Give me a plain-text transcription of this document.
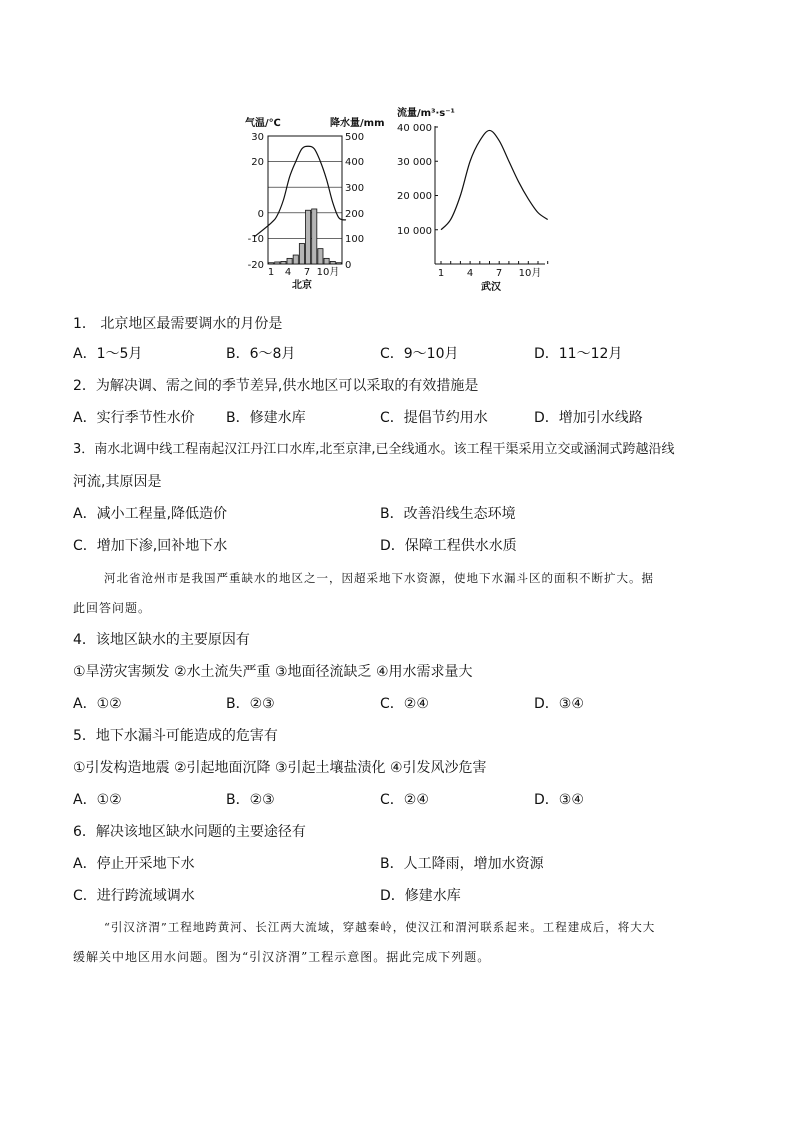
气温/℃	降水量/mm
30
20
0
-10
-20
500
400
300
200
100
0
1 4 7 10月
北京
流量/m³·s⁻¹
40 000
30 000
20 000
10 000
1 4 7 10月
武汉
1． 北京地区最需要调水的月份是
A．1～5月	B．6～8月	C．9～10月	D．11～12月
2．为解决调、需之间的季节差异,供水地区可以采取的有效措施是
A．实行季节性水价 B．修建水库	C．提倡节约用水	D．增加引水线路
3．南水北调中线工程南起汉江丹江口水库,北至京津,已全线通水。该工程干渠采用立交或涵洞式跨越沿线
河流,其原因是
A．减小工程量,降低造价	B．改善沿线生态环境
C．增加下渗,回补地下水	D．保障工程供水水质
河北省沧州市是我国严重缺水的地区之一，因超采地下水资源，使地下水漏斗区的面积不断扩大。据
此回答问题。
4．该地区缺水的主要原因有
①旱涝灾害频发 ②水土流失严重 ③地面径流缺乏 ④用水需求量大
A．①②	B．②③	C．②④	D．③④
5．地下水漏斗可能造成的危害有
①引发构造地震 ②引起地面沉降 ③引起土壤盐渍化 ④引发风沙危害
A．①②	B．②③	C．②④	D．③④
6．解决该地区缺水问题的主要途径有
A．停止开采地下水	B．人工降雨，增加水资源
C．进行跨流域调水	D．修建水库
“引汉济渭”工程地跨黄河、长江两大流域，穿越秦岭，使汉江和渭河联系起来。工程建成后，将大大
缓解关中地区用水问题。图为“引汉济渭”工程示意图。据此完成下列题。
